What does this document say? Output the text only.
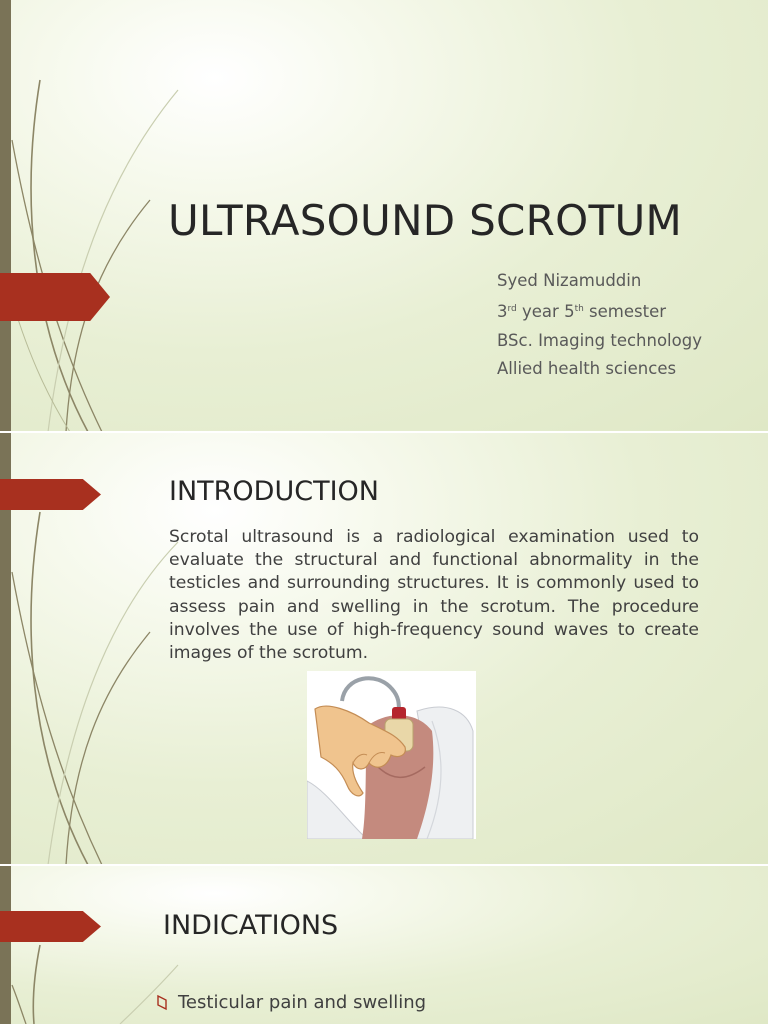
ULTRASOUND SCROTUM
Syed Nizamuddin
3rd year 5th semester
BSc. Imaging technology
Allied health sciences
INTRODUCTION

Scrotal ultrasound is a radiological examination used to evaluate the structural and functional abnormality in the testicles and surrounding structures. It is commonly used to assess pain and swelling in the scrotum. The procedure involves the use of high-frequency sound waves to create images of the scrotum.

INDICATIONS
Testicular pain and swelling
